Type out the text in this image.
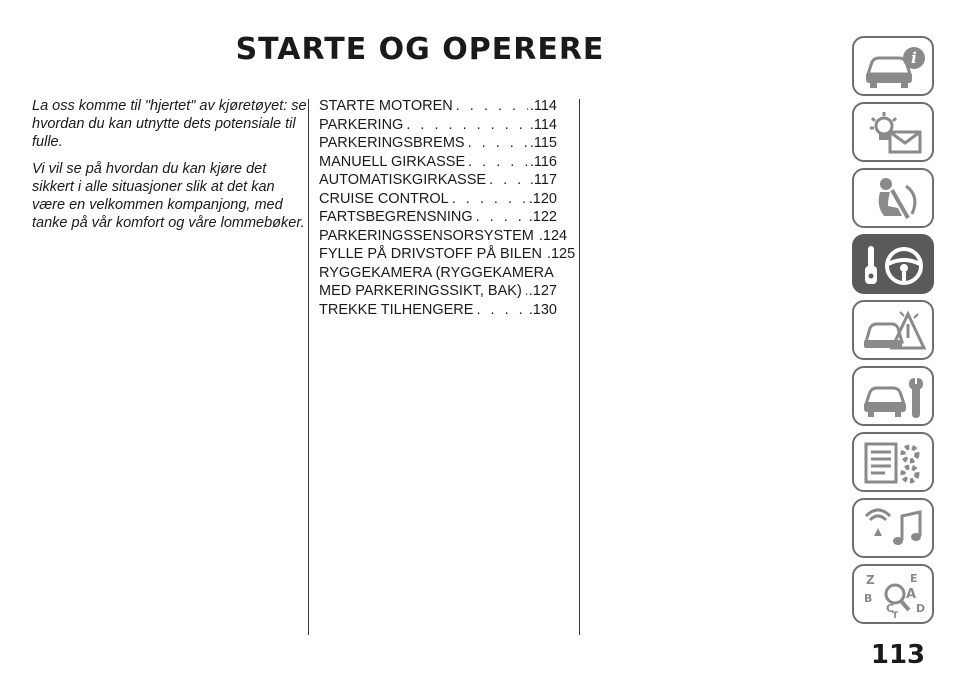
STARTE OG OPERERE

La oss komme til "hjertet" av kjøretøyet: se hvordan du kan utnytte dets potensiale til fulle.

Vi vil se på hvordan du kan kjøre det sikkert i alle situasjoner slik at det kan være en velkommen kompanjong, med tanke på vår komfort og våre lommebøker.

STARTE MOTOREN . . .	.114
PARKERING . . .	.114
PARKERINGSBREMS . . .	.115
MANUELL GIRKASSE . . .	.116
AUTOMATISKGIRKASSE . . .	.117
CRUISE CONTROL . . .	.120
FARTSBEGRENSNING . . .	.122
PARKERINGSSENSORSYSTEM . . . .124
FYLLE PÅ DRIVSTOFF PÅ BILEN . . . .125
RYGGEKAMERA (RYGGEKAMERA
MED PARKERINGSSIKT, BAK) . . . .127
TREKKE TILHENGERE . . .	.130
i
Z	E
B	A
C D
T
113
